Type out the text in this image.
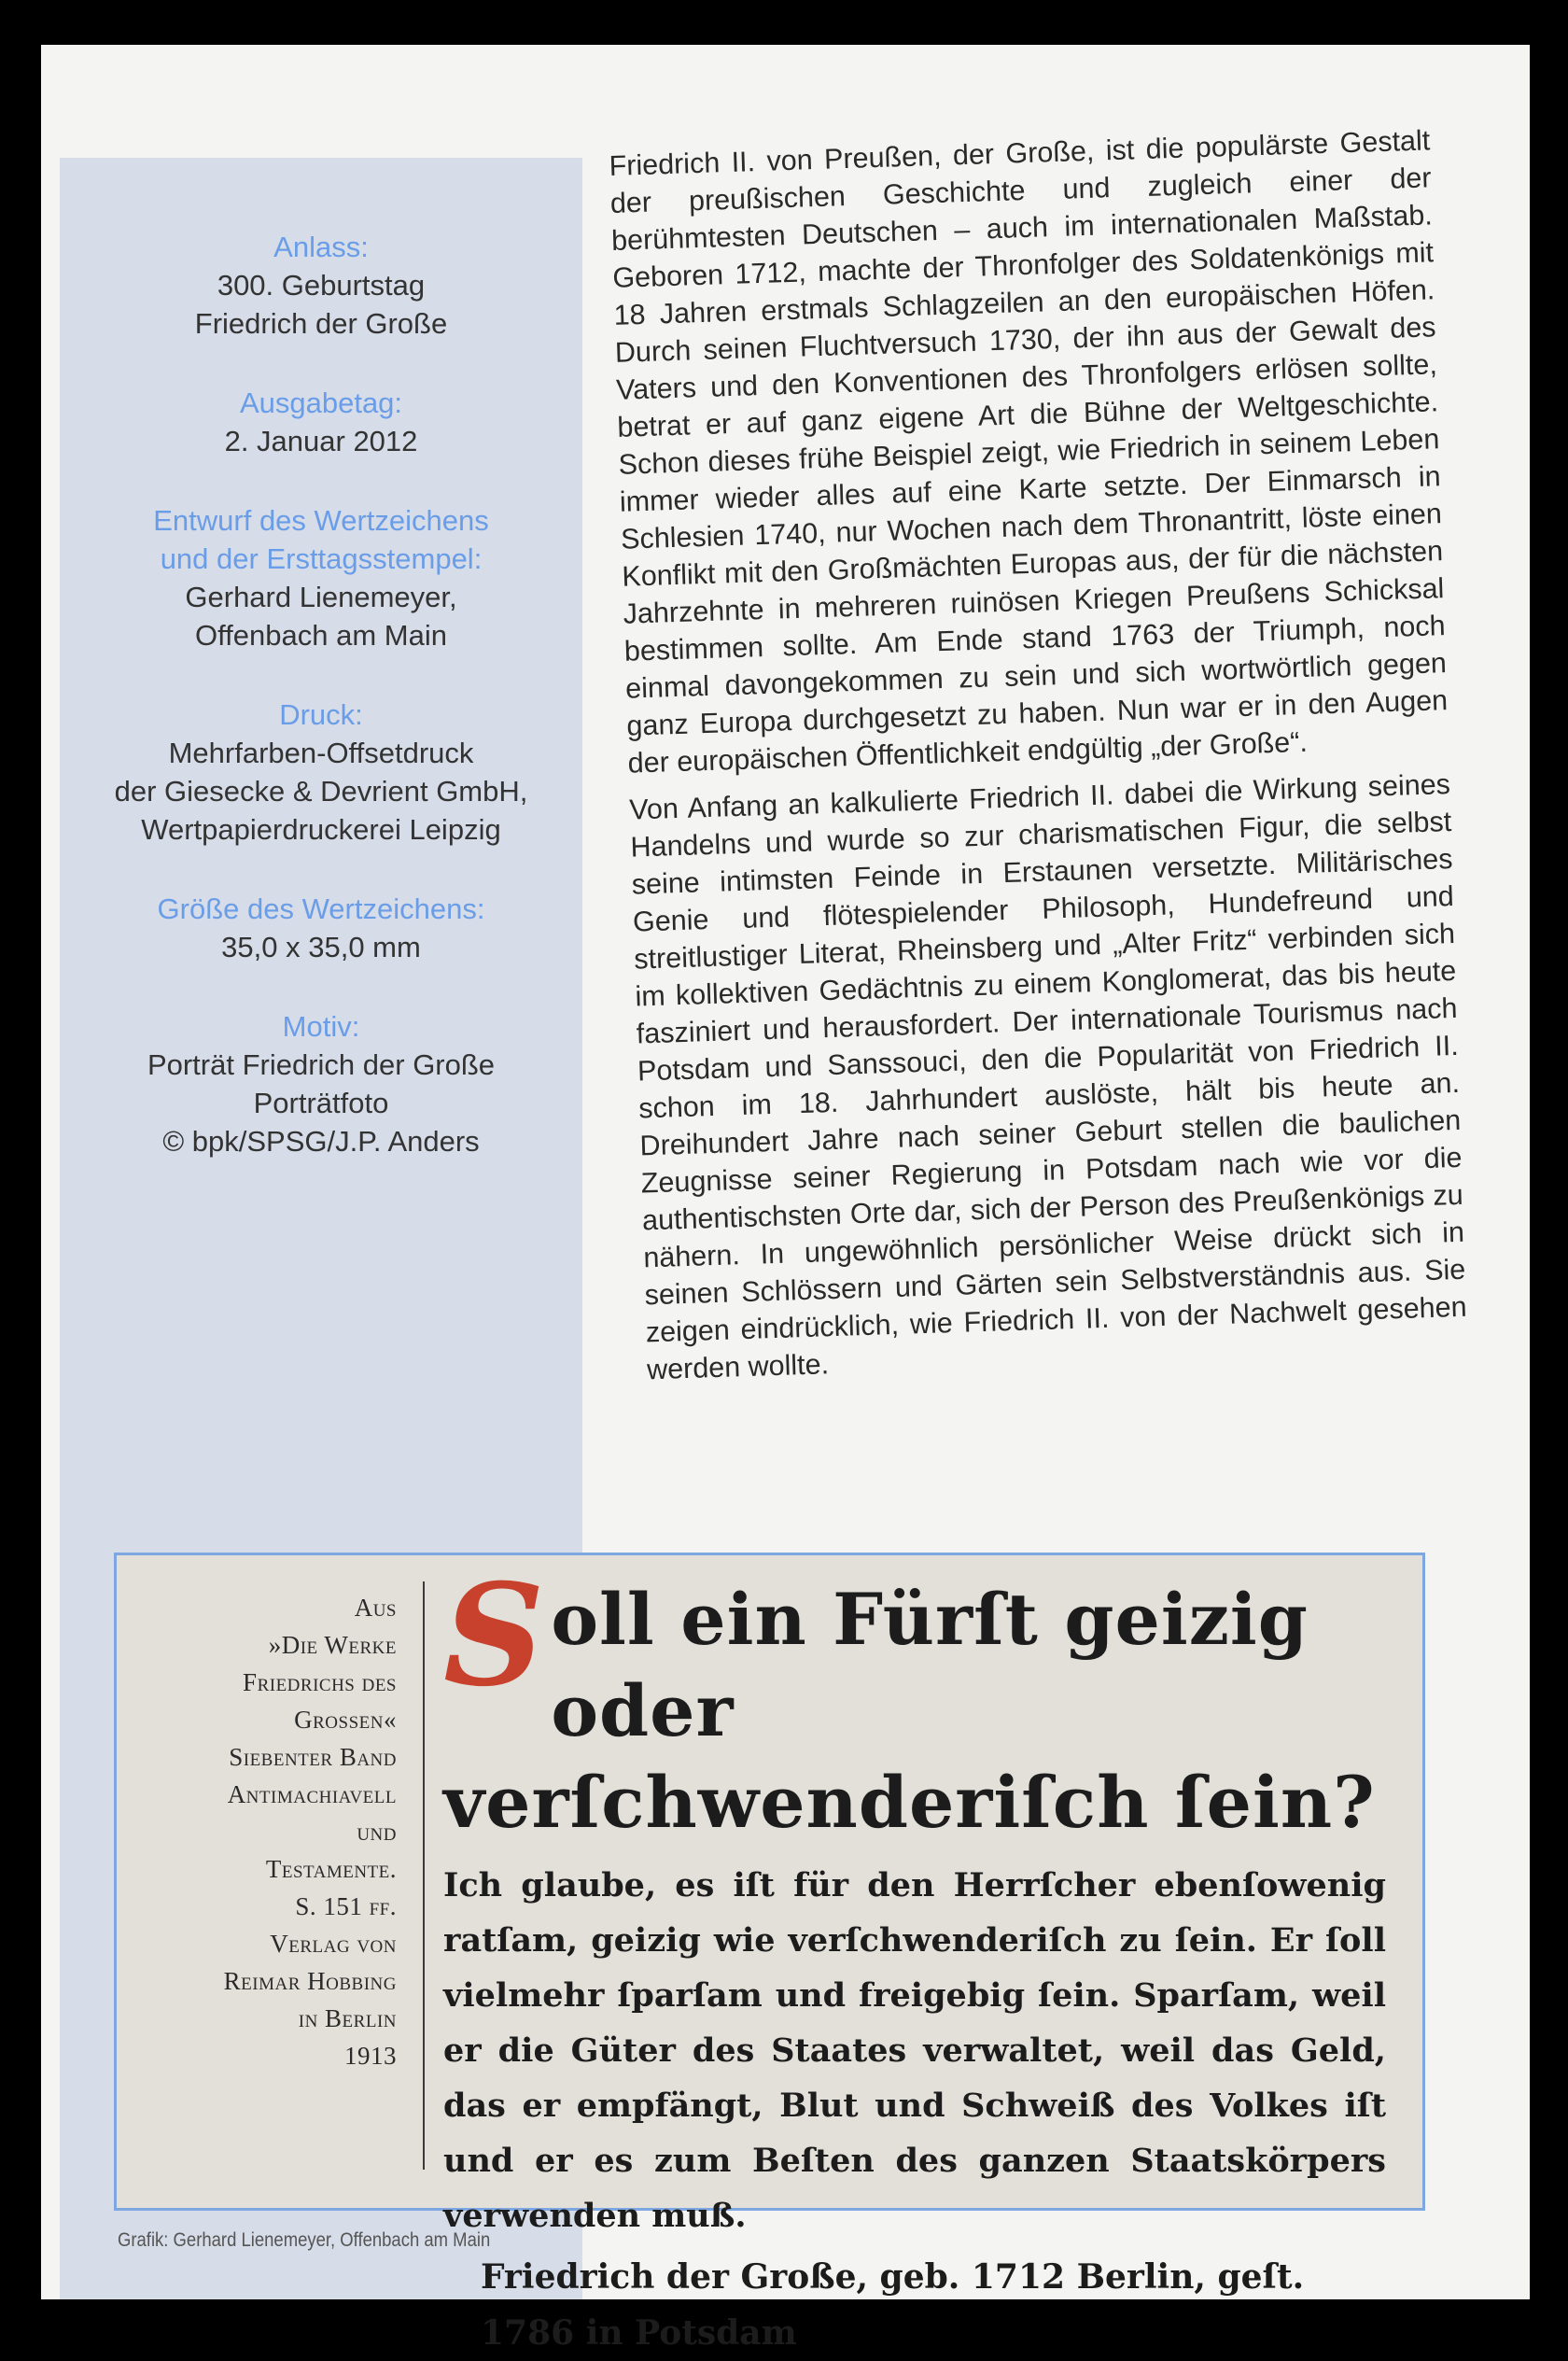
Anlass:
300. Geburtstag
Friedrich der Große
Ausgabetag:
2. Januar 2012
Entwurf des Wertzeichens
und der Ersttagsstempel:
Gerhard Lienemeyer,
Offenbach am Main
Druck:
Mehrfarben-Offsetdruck
der Giesecke & Devrient GmbH,
Wertpapierdruckerei Leipzig
Größe des Wertzeichens:
35,0 x 35,0 mm
Motiv:
Porträt Friedrich der Große
Porträtfoto
© bpk/SPSG/J.P. Anders

Friedrich II. von Preußen, der Große, ist die populärste Gestalt der preußischen Geschichte und zugleich einer der berühmtesten Deutschen – auch im internationalen Maßstab. Geboren 1712, machte der Thronfolger des Soldatenkönigs mit 18 Jahren erstmals Schlagzeilen an den europäischen Höfen. Durch seinen Fluchtversuch 1730, der ihn aus der Gewalt des Vaters und den Konventionen des Thronfolgers erlösen sollte, betrat er auf ganz eigene Art die Bühne der Weltgeschichte. Schon dieses frühe Beispiel zeigt, wie Friedrich in seinem Leben immer wieder alles auf eine Karte setzte. Der Einmarsch in Schlesien 1740, nur Wochen nach dem Thronantritt, löste einen Konflikt mit den Großmächten Europas aus, der für die nächsten Jahrzehnte in mehreren ruinösen Kriegen Preußens Schicksal bestimmen sollte. Am Ende stand 1763 der Triumph, noch einmal davongekommen zu sein und sich wortwörtlich gegen ganz Europa durchgesetzt zu haben. Nun war er in den Augen der europäischen Öffentlichkeit endgültig „der Große“.

Von Anfang an kalkulierte Friedrich II. dabei die Wirkung seines Handelns und wurde so zur charismatischen Figur, die selbst seine intimsten Feinde in Erstaunen versetzte. Militärisches Genie und flötespielender Philosoph, Hundefreund und streitlustiger Literat, Rheinsberg und „Alter Fritz“ verbinden sich im kollektiven Gedächtnis zu einem Konglomerat, das bis heute fasziniert und herausfordert. Der internationale Tourismus nach Potsdam und Sanssouci, den die Popularität von Friedrich II. schon im 18. Jahrhundert auslöste, hält bis heute an. Dreihundert Jahre nach seiner Geburt stellen die baulichen Zeugnisse seiner Regierung in Potsdam nach wie vor die authentischsten Orte dar, sich der Person des Preußenkönigs zu nähern. In ungewöhnlich persönlicher Weise drückt sich in seinen Schlössern und Gärten sein Selbstverständnis aus. Sie zeigen eindrücklich, wie Friedrich II. von der Nachwelt gesehen werden wollte.

Aus
»Die Werke
Friedrichs des
Grossen«
Siebenter Band
Antimachiavell
und
Testamente.
S. 151 ff.
Verlag von
Reimar Hobbing
in Berlin
1913
Soll ein Fürſt geizig oder verſchwenderiſch ſein?
Ich glaube, es iſt für den Herrſcher ebenſowenig ratſam, geizig wie verſchwenderiſch zu ſein. Er ſoll vielmehr ſparſam und freigebig ſein. Sparſam, weil er die Güter des Staates verwaltet, weil das Geld, das er empfängt, Blut und Schweiß des Volkes iſt und er es zum Beſten des ganzen Staatskörpers verwenden muß.
Friedrich der Große, geb. 1712 Berlin, geſt. 1786 in Potsdam
Grafik: Gerhard Lienemeyer, Offenbach am Main
